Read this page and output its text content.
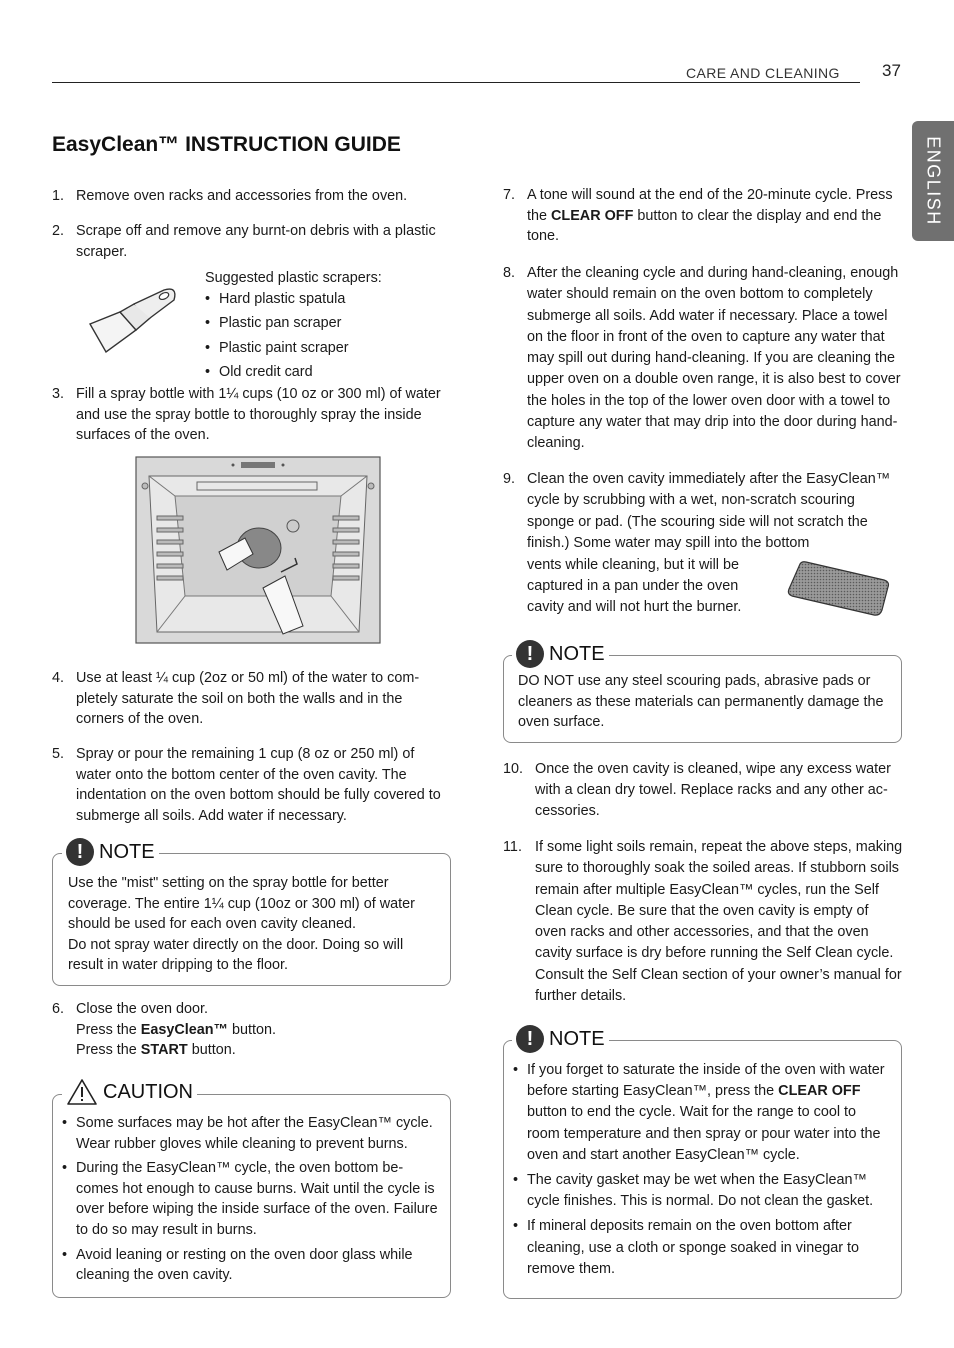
CARE AND CLEANING 37
ENGLISH
EasyClean™ INSTRUCTION GUIDE
1. Remove oven racks and accessories from the oven.
2. Scrape off and remove any burnt-on debris with a plastic scraper.
Suggested plastic scrapers:
• Hard plastic spatula
• Plastic pan scraper
• Plastic paint scraper
• Old credit card
3. Fill a spray bottle with 1¼ cups (10 oz or 300 ml) of water and use the spray bottle to thoroughly spray the inside surfaces of the oven.
4. Use at least ¼ cup (2oz or 50 ml) of the water to com-pletely saturate the soil on both the walls and in the corners of the oven.
5. Spray or pour the remaining 1 cup (8 oz or 250 ml) of water onto the bottom center of the oven cavity. The indentation on the oven bottom should be fully covered to submerge all soils. Add water if necessary.
! NOTE
Use the "mist" setting on the spray bottle for better coverage. The entire 1¼ cup (10oz or 300 ml) of water should be used for each oven cavity cleaned.
Do not spray water directly on the door. Doing so will result in water dripping to the floor.
6. Close the oven door.
Press the EasyClean™ button.
Press the START button.
CAUTION
• Some surfaces may be hot after the EasyClean™ cycle. Wear rubber gloves while cleaning to prevent burns.
• During the EasyClean™ cycle, the oven bottom be-comes hot enough to cause burns. Wait until the cycle is over before wiping the inside surface of the oven. Failure to do so may result in burns.
• Avoid leaning or resting on the oven door glass while cleaning the oven cavity.
7. A tone will sound at the end of the 20-minute cycle. Press the CLEAR OFF button to clear the display and end the tone.
8. After the cleaning cycle and during hand-cleaning, enough water should remain on the oven bottom to completely submerge all soils. Add water if necessary. Place a towel on the floor in front of the oven to capture any water that may spill out during hand-cleaning. If you are cleaning the upper oven on a double oven range, it is also best to cover the holes in the top of the lower oven door with a towel to capture any water that may drip into the door during hand-cleaning.
9. Clean the oven cavity immediately after the EasyClean™ cycle by scrubbing with a wet, non-scratch scouring sponge or pad. (The scouring side will not scratch the finish.) Some water may spill into the bottom
vents while cleaning, but it will be captured in a pan under the oven cavity and will not hurt the burner.
! NOTE
DO NOT use any steel scouring pads, abrasive pads or cleaners as these materials can permanently damage the oven surface.
10. Once the oven cavity is cleaned, wipe any excess water with a clean dry towel. Replace racks and any other ac-cessories.
11. If some light soils remain, repeat the above steps, making sure to thoroughly soak the soiled areas. If stubborn soils remain after multiple EasyClean™ cycles, run the Self Clean cycle. Be sure that the oven cavity is empty of oven racks and other accessories, and that the oven cavity surface is dry before running the Self Clean cycle. Consult the Self Clean section of your owner’s manual for further details.
! NOTE
• If you forget to saturate the inside of the oven with water before starting EasyClean™, press the CLEAR OFF button to end the cycle. Wait for the range to cool to room temperature and then spray or pour water into the oven and start another EasyClean™ cycle.
• The cavity gasket may be wet when the EasyClean™ cycle finishes. This is normal. Do not clean the gasket.
• If mineral deposits remain on the oven bottom after cleaning, use a cloth or sponge soaked in vinegar to remove them.
